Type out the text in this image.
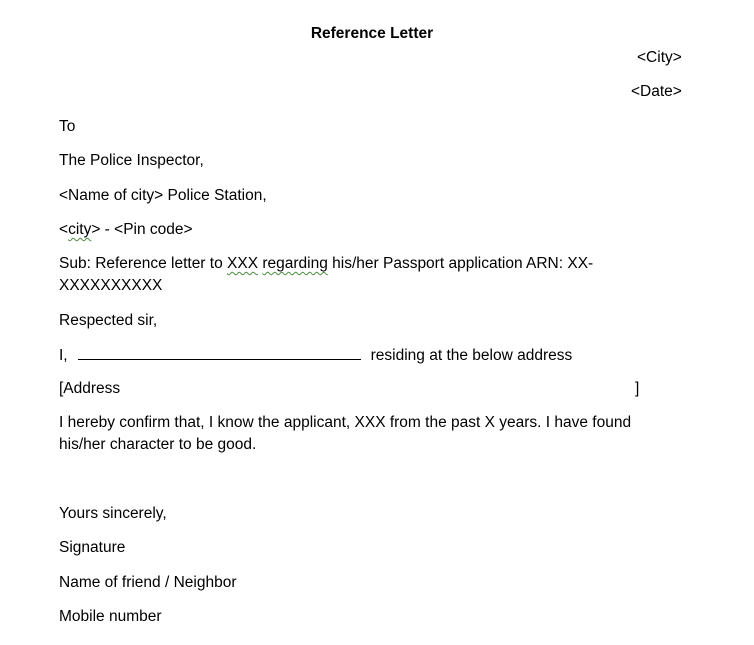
Reference Letter
<City>
<Date>
To
The Police Inspector,
<Name of city> Police Station,
<city> - <Pin code>
Sub: Reference letter to XXX regarding his/her Passport application ARN: XX-
XXXXXXXXXX
Respected sir,
I,	residing at the below address
[Address	]
I hereby confirm that, I know the applicant, XXX from the past X years. I have found
his/her character to be good.
Yours sincerely,
Signature
Name of friend / Neighbor
Mobile number
